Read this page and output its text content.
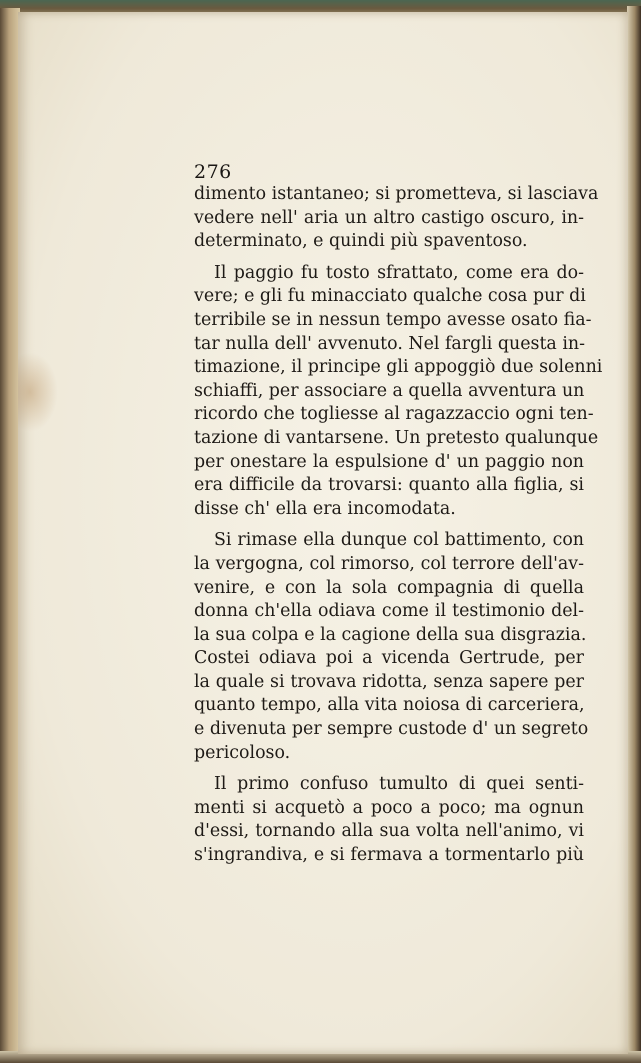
276
dimento istantaneo; si prometteva, si lasciava
vedere nell' aria un altro castigo oscuro, in-
determinato, e quindi più spaventoso.
Il paggio fu tosto sfrattato, come era do-
vere; e gli fu minacciato qualche cosa pur di
terribile se in nessun tempo avesse osato fia-
tar nulla dell' avvenuto. Nel fargli questa in-
timazione, il principe gli appoggiò due solenni
schiaffi, per associare a quella avventura un
ricordo che togliesse al ragazzaccio ogni ten-
tazione di vantarsene. Un pretesto qualunque
per onestare la espulsione d' un paggio non
era difficile da trovarsi: quanto alla figlia, si
disse ch' ella era incomodata.
Si rimase ella dunque col battimento, con
la vergogna, col rimorso, col terrore dell'av-
venire, e con la sola compagnia di quella
donna ch'ella odiava come il testimonio del-
la sua colpa e la cagione della sua disgrazia.
Costei odiava poi a vicenda Gertrude, per
la quale si trovava ridotta, senza sapere per
quanto tempo, alla vita noiosa di carceriera,
e divenuta per sempre custode d' un segreto
pericoloso.
Il primo confuso tumulto di quei senti-
menti si acquetò a poco a poco; ma ognun
d'essi, tornando alla sua volta nell'animo, vi
s'ingrandiva, e si fermava a tormentarlo più
